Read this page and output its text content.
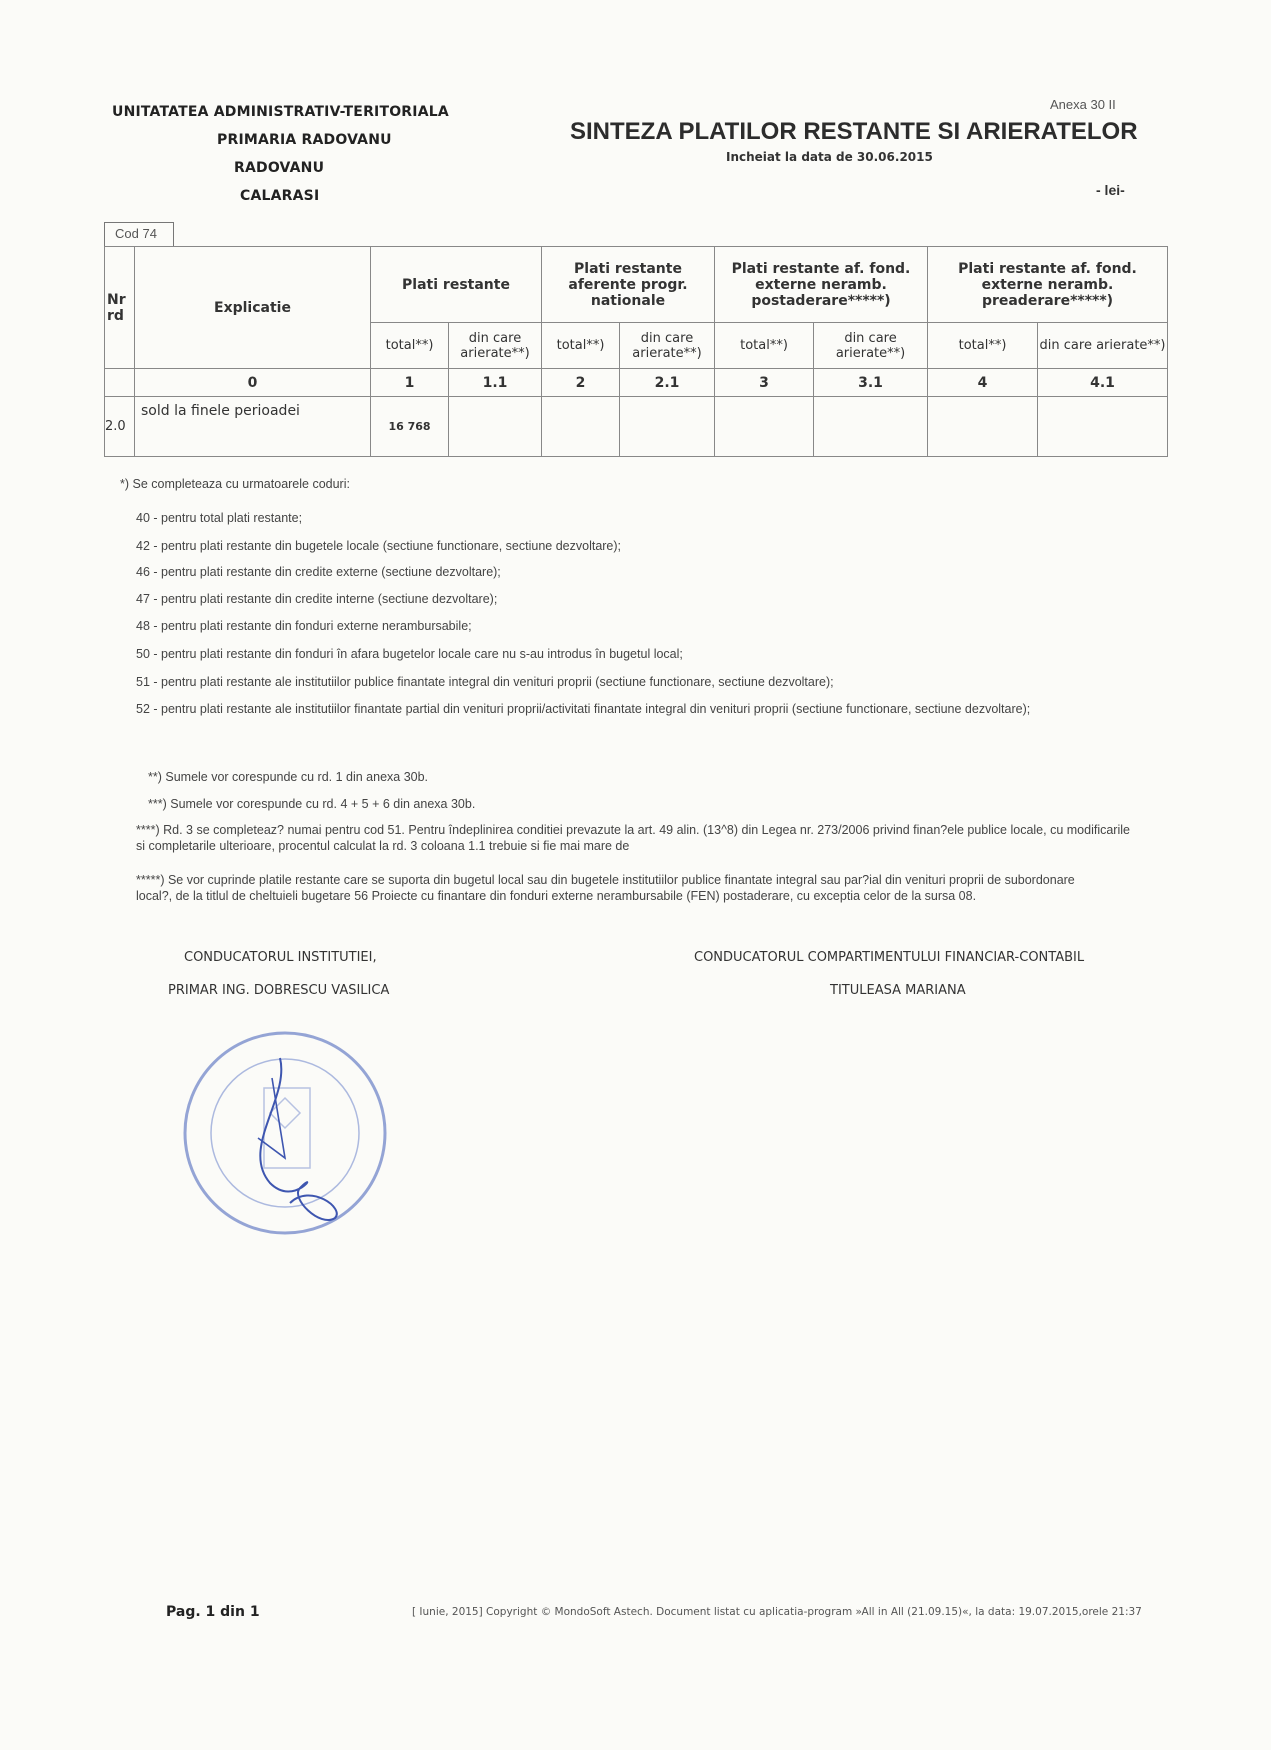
UNITATATEA ADMINISTRATIV-TERITORIALA
PRIMARIA RADOVANU
RADOVANU
CALARASI
Anexa 30 II
SINTEZA PLATILOR RESTANTE SI ARIERATELOR
Incheiat la data de 30.06.2015
- lei-
Cod 74
Nr rd	Explicatie	Plati restante		Plati restante aferente progr. nationale		Plati restante af. fond. externe neramb. postaderare*****)		Plati restante af. fond. externe neramb. preaderare*****)	
		total**)	din care arierate**)	total**)	din care arierate**)	total**)	din care arierate**)	total**)	din care arierate**)
	0	1	1.1	2	2.1	3	3.1	4	4.1
2.0	sold la finele perioadei	16 768							
*) Se completeaza cu urmatoarele coduri:
40 - pentru total plati restante;
42 - pentru plati restante din bugetele locale (sectiune functionare, sectiune dezvoltare);
46 - pentru plati restante din credite externe (sectiune dezvoltare);
47 - pentru plati restante din credite interne (sectiune dezvoltare);
48 - pentru plati restante din fonduri externe nerambursabile;
50 - pentru plati restante din fonduri în afara bugetelor locale care nu s-au introdus în bugetul local;
51 - pentru plati restante ale institutiilor publice finantate integral din venituri proprii (sectiune functionare, sectiune dezvoltare);
52 - pentru plati restante ale institutiilor finantate partial din venituri proprii/activitati finantate integral din venituri proprii (sectiune functionare, sectiune dezvoltare);
**) Sumele vor corespunde cu rd. 1 din anexa 30b.
***) Sumele vor corespunde cu rd. 4 + 5 + 6 din anexa 30b.
****) Rd. 3 se completeaz? numai pentru cod 51. Pentru îndeplinirea conditiei prevazute la art. 49 alin. (13^8) din Legea nr. 273/2006 privind finan?ele publice locale, cu modificarile si completarile ulterioare, procentul calculat la rd. 3 coloana 1.1 trebuie si fie mai mare de
*****) Se vor cuprinde platile restante care se suporta din bugetul local sau din bugetele institutiilor publice finantate integral sau par?ial din venituri proprii de subordonare local?, de la titlul de cheltuieli bugetare 56 Proiecte cu finantare din fonduri externe nerambursabile (FEN) postaderare, cu exceptia celor de la sursa 08.
CONDUCATORUL INSTITUTIEI,
PRIMAR ING. DOBRESCU VASILICA
CONDUCATORUL COMPARTIMENTULUI FINANCIAR-CONTABIL
TITULEASA MARIANA
Pag. 1 din 1	[ Iunie, 2015] Copyright © MondoSoft Astech. Document listat cu aplicatia-program »All in All (21.09.15)«, la data: 19.07.2015,orele 21:37
